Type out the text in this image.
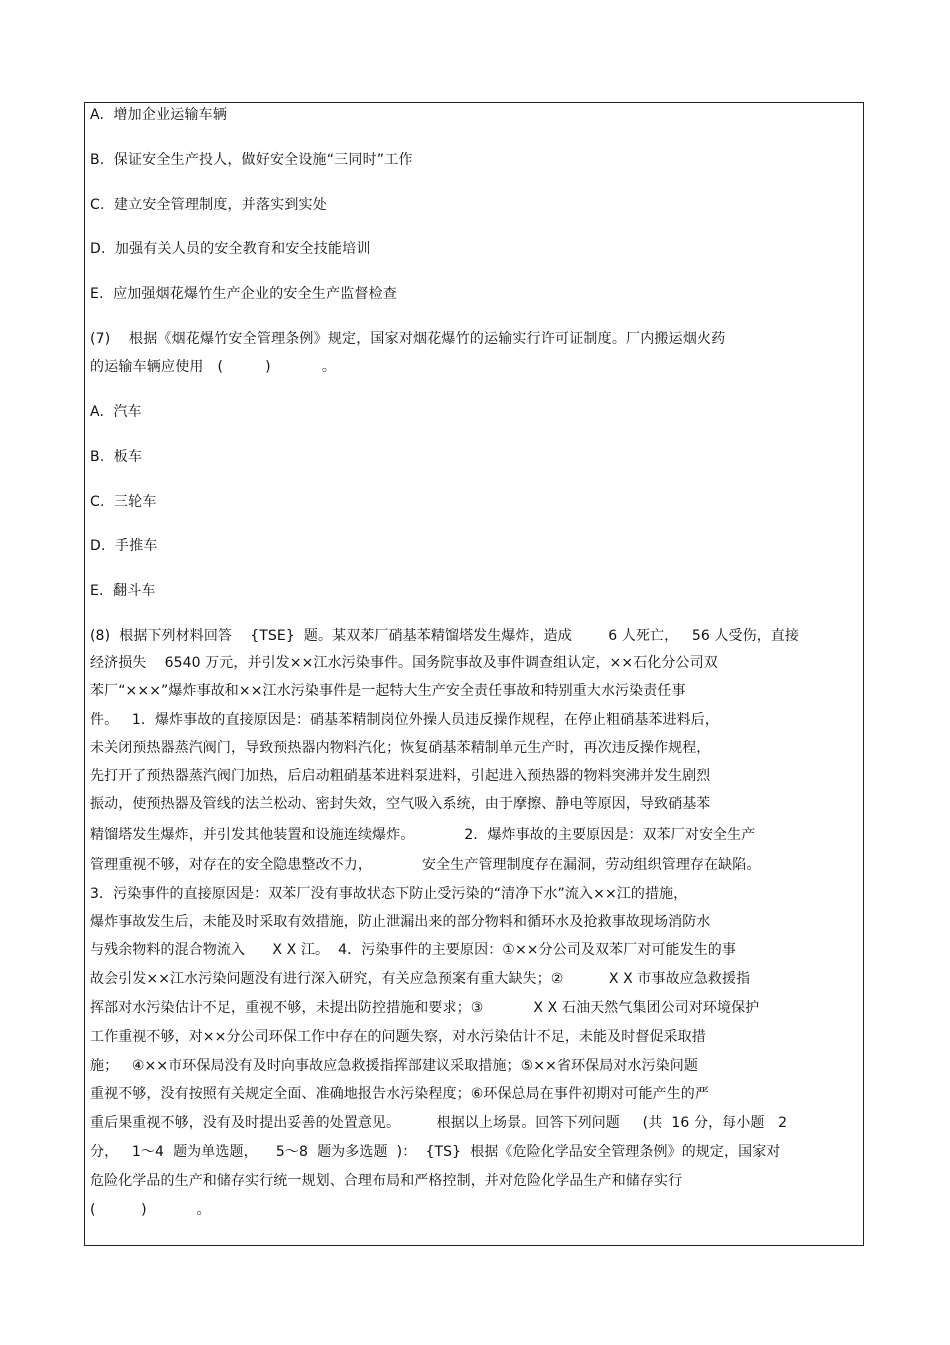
A.  增加企业运输车辆
B.  保证安全生产投人，做好安全设施“三同时”工作
C.  建立安全管理制度，并落实到实处
D.  加强有关人员的安全教育和安全技能培训
E.  应加强烟花爆竹生产企业的安全生产监督检查
(7)    根据《烟花爆竹安全管理条例》规定，国家对烟花爆竹的运输实行许可证制度。厂内搬运烟火药
的运输车辆应使用   (         )           。
A.  汽车
B.  板车
C.  三轮车
D.  手推车
E.  翻斗车
(8)  根据下列材料回答    {TSE}  题。某双苯厂硝基苯精馏塔发生爆炸，造成        6 人死亡，   56 人受伤，直接
经济损失    6540 万元，并引发××江水污染事件。国务院事故及事件调查组认定，××石化分公司双
苯厂“×××”爆炸事故和××江水污染事件是一起特大生产安全责任事故和特别重大水污染责任事
件。   1．爆炸事故的直接原因是：硝基苯精制岗位外操人员违反操作规程，在停止粗硝基苯进料后，
未关闭预热器蒸汽阀门，导致预热器内物料汽化；恢复硝基苯精制单元生产时，再次违反操作规程，
先打开了预热器蒸汽阀门加热，后启动粗硝基苯进料泵进料，引起进入预热器的物料突沸并发生剧烈
振动，使预热器及管线的法兰松动、密封失效，空气吸入系统，由于摩擦、静电等原因，导致硝基苯
精馏塔发生爆炸，并引发其他装置和设施连续爆炸。           2．爆炸事故的主要原因是：双苯厂对安全生产
管理重视不够，对存在的安全隐患整改不力，           安全生产管理制度存在漏洞，劳动组织管理存在缺陷。
3．污染事件的直接原因是：双苯厂没有事故状态下防止受污染的“清净下水”流入××江的措施，
爆炸事故发生后，未能及时采取有效措施，防止泄漏出来的部分物料和循环水及抢救事故现场消防水
与残余物料的混合物流入      X X 江。  4．污染事件的主要原因：①××分公司及双苯厂对可能发生的事
故会引发××江水污染问题没有进行深入研究，有关应急预案有重大缺失；②          X X 市事故应急救援指
挥部对水污染估计不足，重视不够，未提出防控措施和要求；③           X X 石油天然气集团公司对环境保护
工作重视不够，对××分公司环保工作中存在的问题失察，对水污染估计不足，未能及时督促采取措
施；   ④××市环保局没有及时向事故应急救援指挥部建议采取措施；⑤××省环保局对水污染问题
重视不够，没有按照有关规定全面、准确地报告水污染程度；⑥环保总局在事件初期对可能产生的严
重后果重视不够，没有及时提出妥善的处置意见。        根据以上场景。回答下列问题     (共  16 分，每小题   2
分，   1～4  题为单选题，    5～8  题为多选题  )：  {TS}  根据《危险化学品安全管理条例》的规定，国家对
危险化学品的生产和储存实行统一规划、合理布局和严格控制，并对危险化学品生产和储存实行
(          )           。
